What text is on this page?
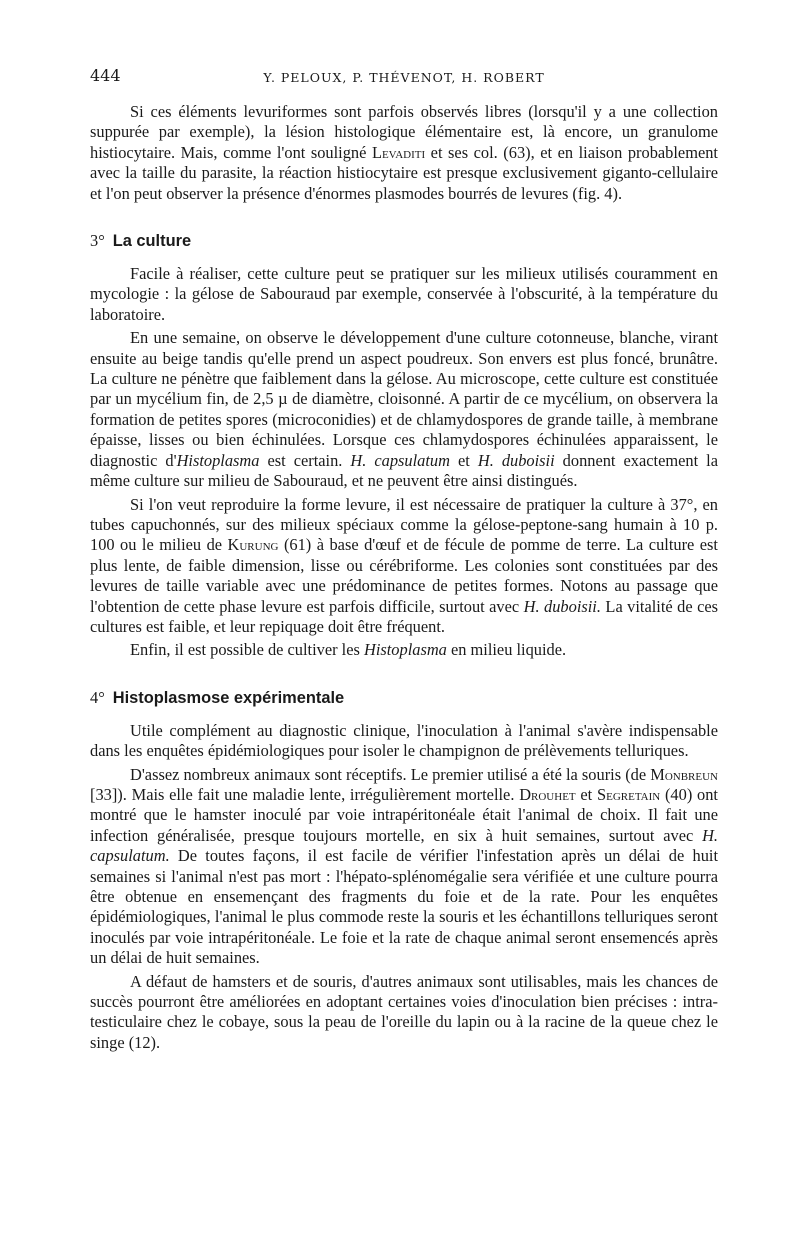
444	Y. PELOUX, P. THÉVENOT, H. ROBERT

Si ces éléments levuriformes sont parfois observés libres (lorsqu'il y a une collection suppurée par exemple), la lésion histologique élémentaire est, là encore, un granulome histiocytaire. Mais, comme l'ont souligné Levaditi et ses col. (63), et en liaison probablement avec la taille du parasite, la réaction histiocytaire est presque exclusivement giganto-cellulaire et l'on peut observer la présence d'énormes plasmodes bourrés de levures (fig. 4).

3° La culture

Facile à réaliser, cette culture peut se pratiquer sur les milieux utilisés couramment en mycologie : la gélose de Sabouraud par exemple, conservée à l'obscurité, à la température du laboratoire.

En une semaine, on observe le développement d'une culture cotonneuse, blanche, virant ensuite au beige tandis qu'elle prend un aspect poudreux. Son envers est plus foncé, brunâtre. La culture ne pénètre que faiblement dans la gélose. Au microscope, cette culture est constituée par un mycélium fin, de 2,5 µ de diamètre, cloisonné. A partir de ce mycélium, on observera la formation de petites spores (microconidies) et de chlamydospores de grande taille, à membrane épaisse, lisses ou bien échinulées. Lorsque ces chlamydospores échinulées apparaissent, le diagnostic d'Histoplasma est certain. H. capsulatum et H. duboisii donnent exactement la même culture sur milieu de Sabouraud, et ne peuvent être ainsi distingués.

Si l'on veut reproduire la forme levure, il est nécessaire de pratiquer la culture à 37°, en tubes capuchonnés, sur des milieux spéciaux comme la gélose-peptone-sang humain à 10 p. 100 ou le milieu de Kurung (61) à base d'œuf et de fécule de pomme de terre. La culture est plus lente, de faible dimension, lisse ou cérébriforme. Les colonies sont constituées par des levures de taille variable avec une prédominance de petites formes. Notons au passage que l'obtention de cette phase levure est parfois difficile, surtout avec H. duboisii. La vitalité de ces cultures est faible, et leur repiquage doit être fréquent.

Enfin, il est possible de cultiver les Histoplasma en milieu liquide.

4° Histoplasmose expérimentale

Utile complément au diagnostic clinique, l'inoculation à l'animal s'avère indispensable dans les enquêtes épidémiologiques pour isoler le champignon de prélèvements telluriques.

D'assez nombreux animaux sont réceptifs. Le premier utilisé a été la souris (de Monbreun [33]). Mais elle fait une maladie lente, irrégulièrement mortelle. Drouhet et Segretain (40) ont montré que le hamster inoculé par voie intrapéritonéale était l'animal de choix. Il fait une infection généralisée, presque toujours mortelle, en six à huit semaines, surtout avec H. capsulatum. De toutes façons, il est facile de vérifier l'infestation après un délai de huit semaines si l'animal n'est pas mort : l'hépato-splénomégalie sera vérifiée et une culture pourra être obtenue en ensemençant des fragments du foie et de la rate. Pour les enquêtes épidémiologiques, l'animal le plus commode reste la souris et les échantillons telluriques seront inoculés par voie intrapéritonéale. Le foie et la rate de chaque animal seront ensemencés après un délai de huit semaines.

A défaut de hamsters et de souris, d'autres animaux sont utilisables, mais les chances de succès pourront être améliorées en adoptant certaines voies d'inoculation bien précises : intra-testiculaire chez le cobaye, sous la peau de l'oreille du lapin ou à la racine de la queue chez le singe (12).
